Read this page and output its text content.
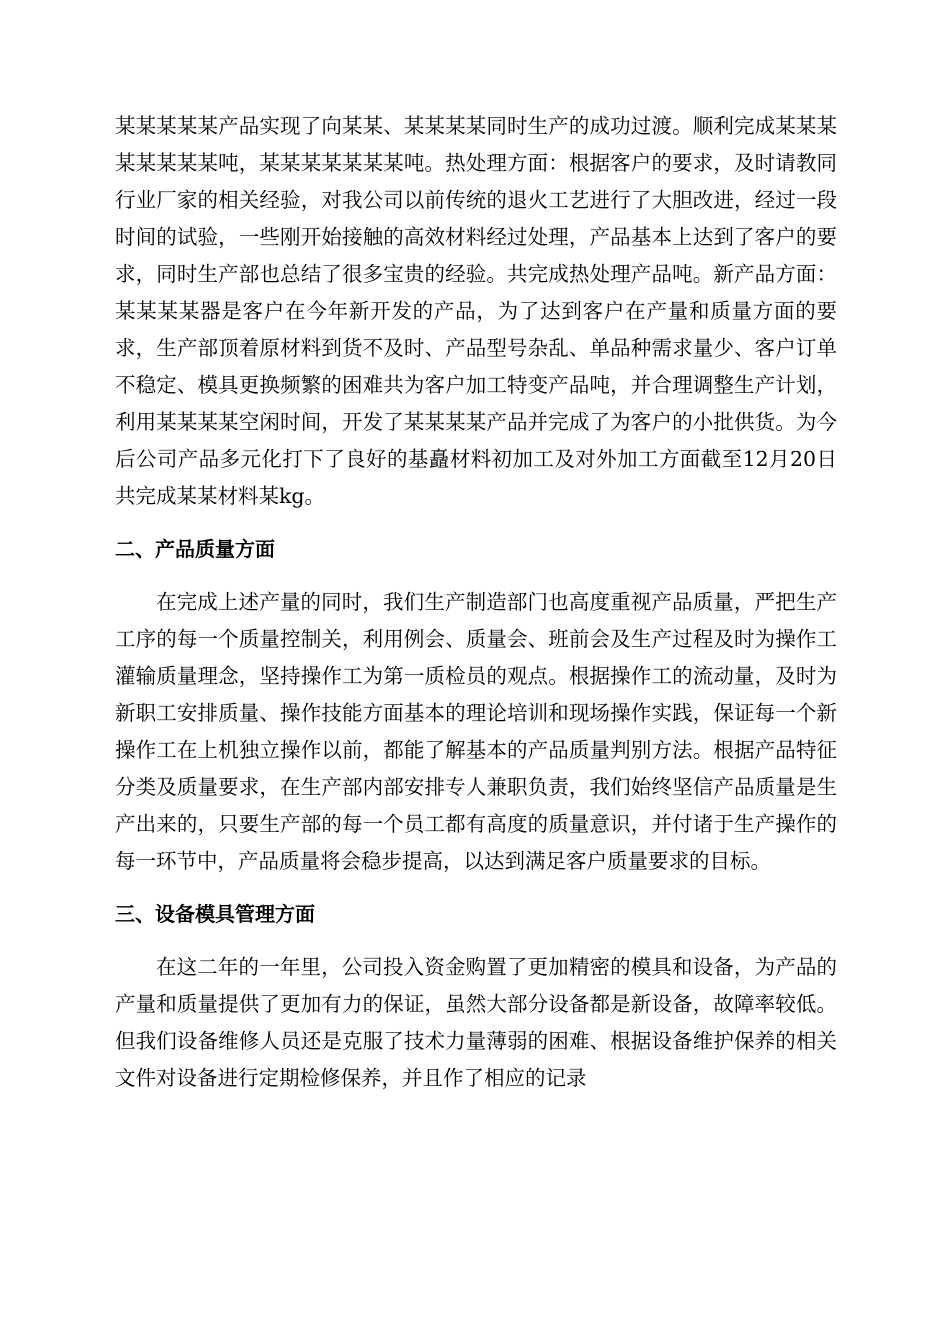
某某某某某产品实现了向某某、某某某某同时生产的成功过渡。顺利完成某某某某某某某某吨，某某某某某某某吨。热处理方面：根据客户的要求，及时请教同行业厂家的相关经验，对我公司以前传统的退火工艺进行了大胆改进，经过一段时间的试验，一些刚开始接触的高效材料经过处理，产品基本上达到了客户的要求，同时生产部也总结了很多宝贵的经验。共完成热处理产品吨。新产品方面：某某某某器是客户在今年新开发的产品，为了达到客户在产量和质量方面的要求，生产部顶着原材料到货不及时、产品型号杂乱、单品种需求量少、客户订单不稳定、模具更换频繁的困难共为客户加工特变产品吨，并合理调整生产计划，利用某某某某空闲时间，开发了某某某某产品并完成了为客户的小批供货。为今后公司产品多元化打下了良好的基矗材料初加工及对外加工方面截至12月20日共完成某某材料某kg。

二、产品质量方面

在完成上述产量的同时，我们生产制造部门也高度重视产品质量，严把生产工序的每一个质量控制关，利用例会、质量会、班前会及生产过程及时为操作工灌输质量理念，坚持操作工为第一质检员的观点。根据操作工的流动量，及时为新职工安排质量、操作技能方面基本的理论培训和现场操作实践，保证每一个新操作工在上机独立操作以前，都能了解基本的产品质量判别方法。根据产品特征分类及质量要求，在生产部内部安排专人兼职负责，我们始终坚信产品质量是生产出来的，只要生产部的每一个员工都有高度的质量意识，并付诸于生产操作的每一环节中，产品质量将会稳步提高，以达到满足客户质量要求的目标。

三、设备模具管理方面

在这二年的一年里，公司投入资金购置了更加精密的模具和设备，为产品的产量和质量提供了更加有力的保证，虽然大部分设备都是新设备，故障率较低。但我们设备维修人员还是克服了技术力量薄弱的困难、根据设备维护保养的相关文件对设备进行定期检修保养，并且作了相应的记录
